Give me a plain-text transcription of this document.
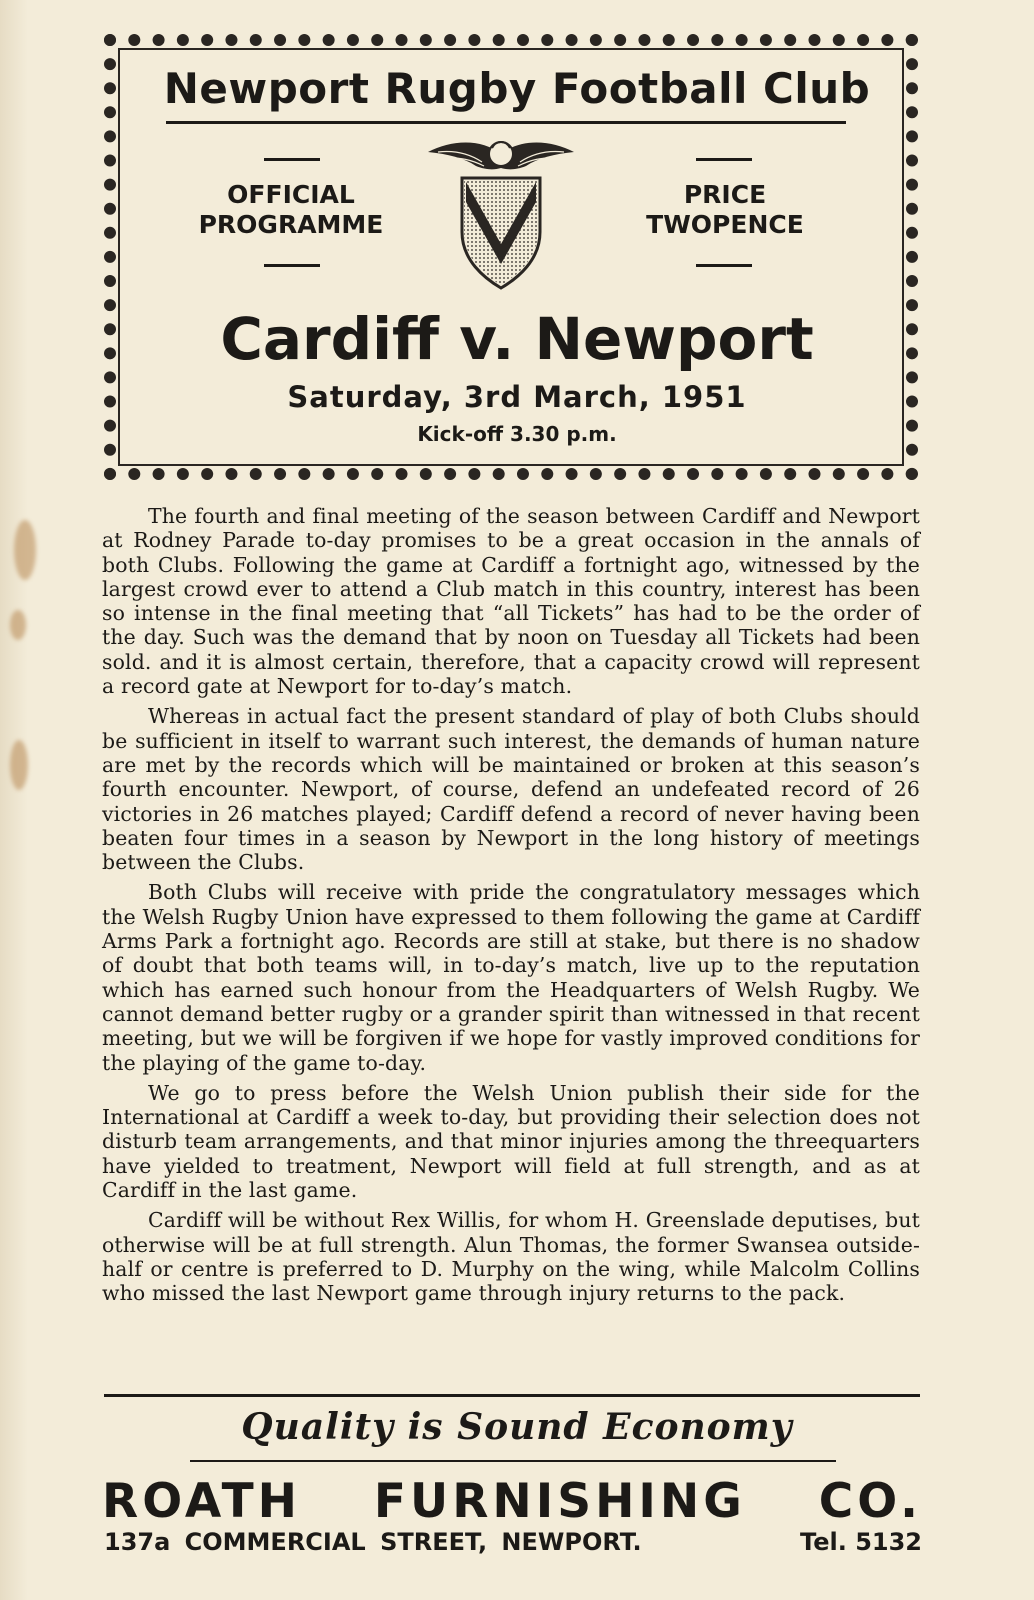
Newport Rugby Football Club
OFFICIAL
PROGRAMME
PRICE
TWOPENCE
Cardiff v. Newport
Saturday, 3rd March, 1951
Kick-off 3.30 p.m.

The fourth and final meeting of the season between Cardiff and Newport at Rodney Parade to-day promises to be a great occasion in the annals of both Clubs. Following the game at Cardiff a fortnight ago, witnessed by the largest crowd ever to attend a Club match in this country, interest has been so intense in the final meeting that “all Tickets” has had to be the order of the day. Such was the demand that by noon on Tuesday all Tickets had been sold. and it is almost certain, therefore, that a capacity crowd will represent a record gate at Newport for to-day’s match.

Whereas in actual fact the present standard of play of both Clubs should be sufficient in itself to warrant such interest, the demands of human nature are met by the records which will be maintained or broken at this season’s fourth encounter. Newport, of course, defend an undefeated record of 26 victories in 26 matches played; Cardiff defend a record of never having been beaten four times in a season by Newport in the long history of meetings between the Clubs.

Both Clubs will receive with pride the congratulatory messages which the Welsh Rugby Union have expressed to them following the game at Cardiff Arms Park a fortnight ago. Records are still at stake, but there is no shadow of doubt that both teams will, in to-day’s match, live up to the reputation which has earned such honour from the Headquarters of Welsh Rugby. We cannot demand better rugby or a grander spirit than witnessed in that recent meeting, but we will be forgiven if we hope for vastly improved conditions for the playing of the game to-day.

We go to press before the Welsh Union publish their side for the International at Cardiff a week to-day, but providing their selection does not disturb team arrangements, and that minor injuries among the threequarters have yielded to treatment, Newport will field at full strength, and as at Cardiff in the last game.

Cardiff will be without Rex Willis, for whom H. Greenslade deputises, but otherwise will be at full strength. Alun Thomas, the former Swansea outside-half or centre is preferred to D. Murphy on the wing, while Malcolm Collins who missed the last Newport game through injury returns to the pack.

Quality is Sound Economy
ROATH FURNISHING CO.
137a COMMERCIAL STREET, NEWPORT.	Tel. 5132
